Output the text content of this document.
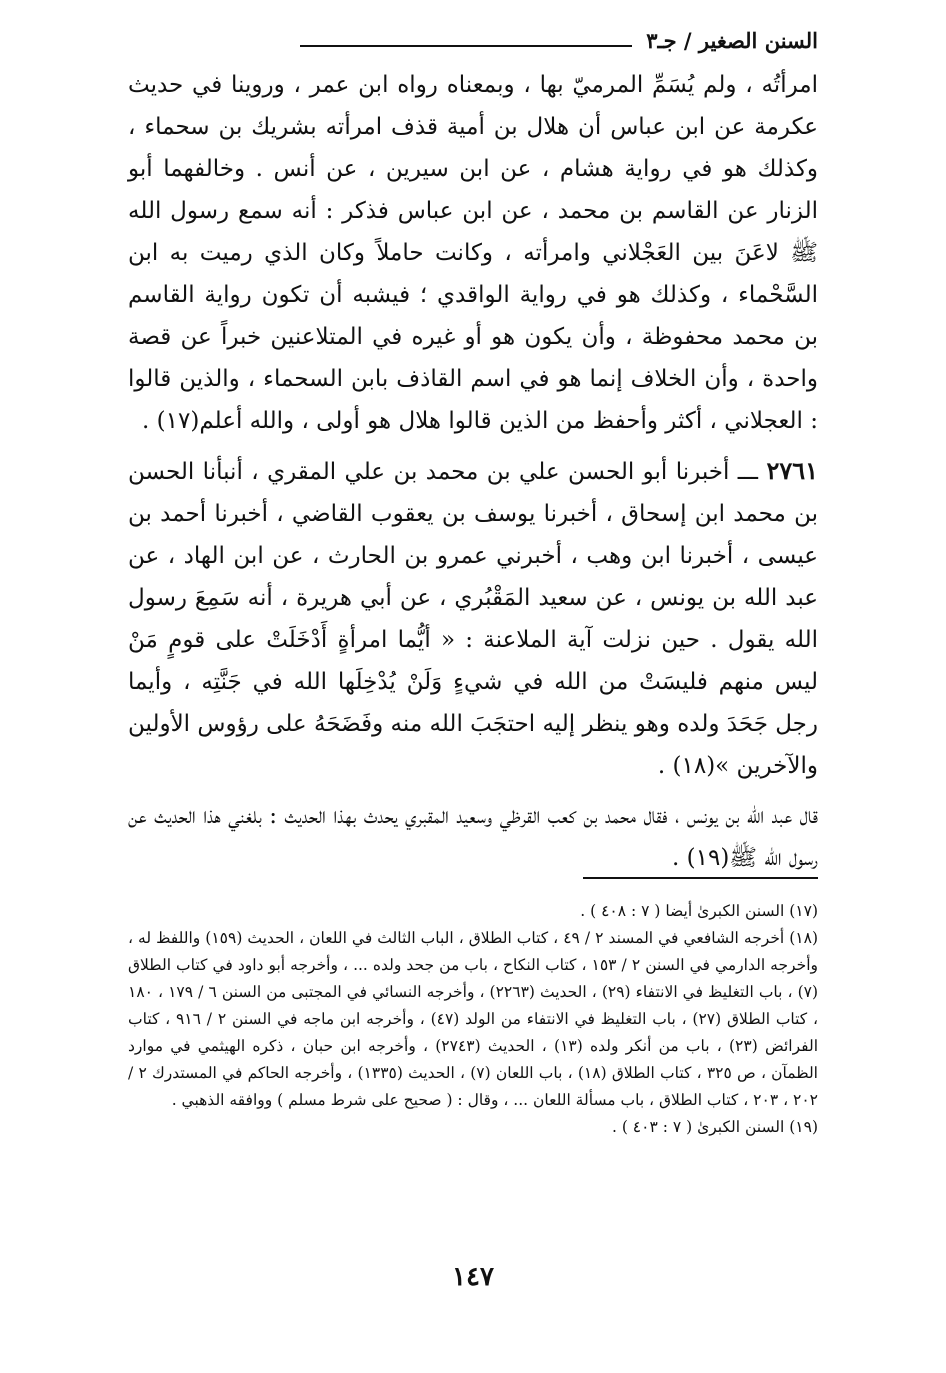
السنن الصغير / جـ٣

امرأتُه ، ولم يُسَمِّ المرميّ بها ، وبمعناه رواه ابن عمر ، وروينا في حديث عكرمة عن ابن عباس أن هلال بن أمية قذف امرأته بشريك بن سحماء ، وكذلك هو في رواية هشام ، عن ابن سيرين ، عن أنس . وخالفهما أبو الزنار عن القاسم بن محمد ، عن ابن عباس فذكر : أنه سمع رسول الله ﷺ لاعَنَ بين العَجْلاني وامرأته ، وكانت حاملاً وكان الذي رميت به ابن السَّحْماء ، وكذلك هو في رواية الواقدي ؛ فيشبه أن تكون رواية القاسم بن محمد محفوظة ، وأن يكون هو أو غيره في المتلاعنين خبراً عن قصة واحدة ، وأن الخلاف إنما هو في اسم القاذف بابن السحماء ، والذين قالوا : العجلاني ، أكثر وأحفظ من الذين قالوا هلال هو أولى ، والله أعلم(١٧) .

٢٧٦١ ـــ أخبرنا أبو الحسن علي بن محمد بن علي المقري ، أنبأنا الحسن بن محمد ابن إسحاق ، أخبرنا يوسف بن يعقوب القاضي ، أخبرنا أحمد بن عيسى ، أخبرنا ابن وهب ، أخبرني عمرو بن الحارث ، عن ابن الهاد ، عن عبد الله بن يونس ، عن سعيد المَقْبُري ، عن أبي هريرة ، أنه سَمِعَ رسول الله يقول . حين نزلت آية الملاعنة : « أيُّما امرأةٍ أَدْخَلَتْ على قومٍ مَنْ ليس منهم فليسَتْ من الله في شيءٍ وَلَنْ يُدْخِلَها الله في جَنَّتِه ، وأيما رجل جَحَدَ ولده وهو ينظر إليه احتجَبَ الله منه وفَضَحَهُ على رؤوس الأولين والآخرين »(١٨) .

قال عبد الله بن يونس ، فقال محمد بن كعب القرظي وسعيد المقبري يحدث بهذا الحديث : بلغني هذا الحديث عن رسول الله ﷺ(١٩) .

(١٧) السنن الكبرىٰ أيضا ( ٧ : ٤٠٨ ) .

(١٨) أخرجه الشافعي في المسند ٢ / ٤٩ ، كتاب الطلاق ، الباب الثالث في اللعان ، الحديث (١٥٩) واللفظ له ، وأخرجه الدارمي في السنن ٢ / ١٥٣ ، كتاب النكاح ، باب من جحد ولده ... ، وأخرجه أبو داود في كتاب الطلاق (٧) ، باب التغليظ في الانتفاء (٢٩) ، الحديث (٢٢٦٣) ، وأخرجه النسائي في المجتبى من السنن ٦ / ١٧٩ ، ١٨٠ ، كتاب الطلاق (٢٧) ، باب التغليظ في الانتفاء من الولد (٤٧) ، وأخرجه ابن ماجه في السنن ٢ / ٩١٦ ، كتاب الفرائض (٢٣) ، باب من أنكر ولده (١٣) ، الحديث (٢٧٤٣) ، وأخرجه ابن حبان ، ذكره الهيثمي في موارد الظمآن ، ص ٣٢٥ ، كتاب الطلاق (١٨) ، باب اللعان (٧) ، الحديث (١٣٣٥) ، وأخرجه الحاكم في المستدرك ٢ / ٢٠٢ ، ٢٠٣ ، كتاب الطلاق ، باب مسألة اللعان ... ، وقال : ( صحيح على شرط مسلم ) ووافقه الذهبي .

(١٩) السنن الكبرىٰ ( ٧ : ٤٠٣ ) .

١٤٧
